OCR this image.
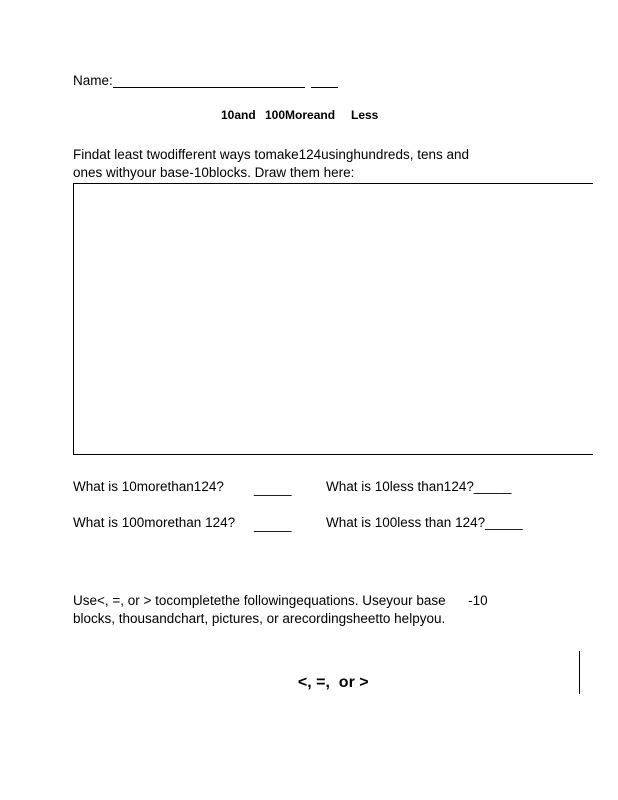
Name:
10and 100Moreand Less
Findat least twodifferent ways tomake124usinghundreds, tens and
ones withyour base-10blocks. Draw them here:
What is 10morethan124? _____	What is 10less than124?_____
What is 100morethan 124? _____	What is 100less than 124?_____
Use<, =, or > tocompletethe followingequations. Useyour base      -10
blocks, thousandchart, pictures, or arecordingsheetto helpyou.

<, =,  or >
